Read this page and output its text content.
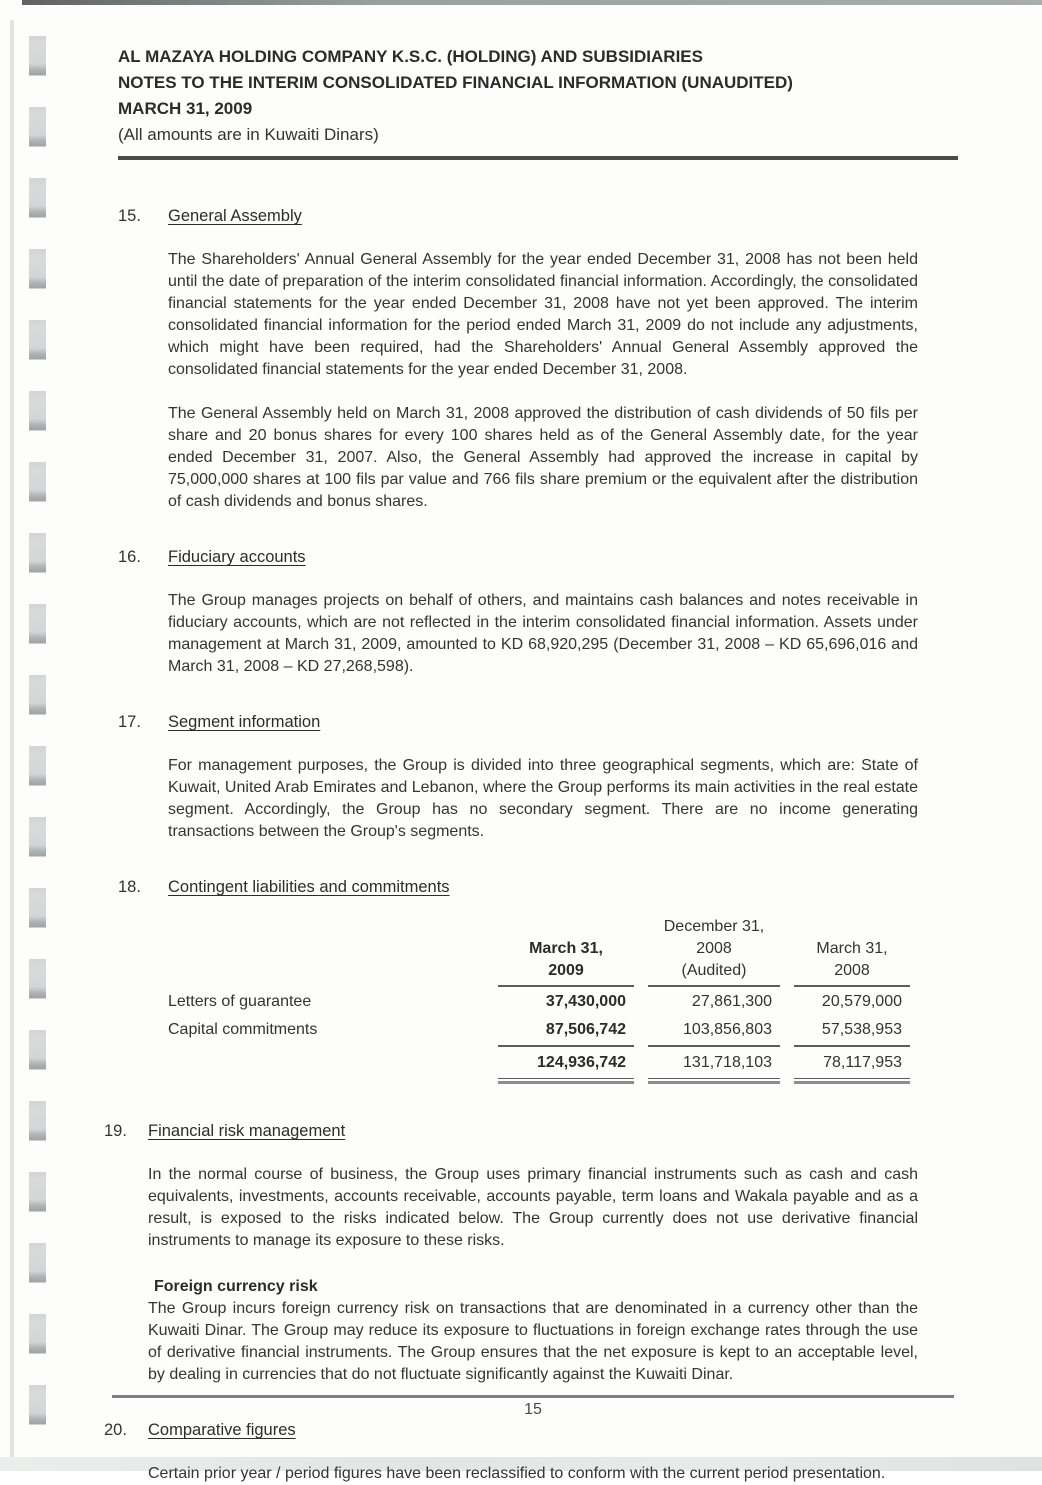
AL MAZAYA HOLDING COMPANY K.S.C. (HOLDING) AND SUBSIDIARIES
NOTES TO THE INTERIM CONSOLIDATED FINANCIAL INFORMATION (UNAUDITED)
MARCH 31, 2009
(All amounts are in Kuwaiti Dinars)
15. General Assembly

The Shareholders' Annual General Assembly for the year ended December 31, 2008 has not been held until the date of preparation of the interim consolidated financial information. Accordingly, the consolidated financial statements for the year ended December 31, 2008 have not yet been approved. The interim consolidated financial information for the period ended March 31, 2009 do not include any adjustments, which might have been required, had the Shareholders' Annual General Assembly approved the consolidated financial statements for the year ended December 31, 2008.

The General Assembly held on March 31, 2008 approved the distribution of cash dividends of 50 fils per share and 20 bonus shares for every 100 shares held as of the General Assembly date, for the year ended December 31, 2007. Also, the General Assembly had approved the increase in capital by 75,000,000 shares at 100 fils par value and 766 fils share premium or the equivalent after the distribution of cash dividends and bonus shares.

16. Fiduciary accounts

The Group manages projects on behalf of others, and maintains cash balances and notes receivable in fiduciary accounts, which are not reflected in the interim consolidated financial information. Assets under management at March 31, 2009, amounted to KD 68,920,295 (December 31, 2008 – KD 65,696,016 and March 31, 2008 – KD 27,268,598).

17. Segment information

For management purposes, the Group is divided into three geographical segments, which are: State of Kuwait, United Arab Emirates and Lebanon, where the Group performs its main activities in the real estate segment. Accordingly, the Group has no secondary segment. There are no income generating transactions between the Group's segments.

18. Contingent liabilities and commitments
March 31,
2009
December 31,
2008
(Audited)
March 31,
2008
Letters of guarantee	37,430,000	27,861,300	20,579,000
Capital commitments	87,506,742	103,856,803	57,538,953
124,936,742	131,718,103	78,117,953
19. Financial risk management

In the normal course of business, the Group uses primary financial instruments such as cash and cash equivalents, investments, accounts receivable, accounts payable, term loans and Wakala payable and as a result, is exposed to the risks indicated below. The Group currently does not use derivative financial instruments to manage its exposure to these risks.

Foreign currency risk

The Group incurs foreign currency risk on transactions that are denominated in a currency other than the Kuwaiti Dinar. The Group may reduce its exposure to fluctuations in foreign exchange rates through the use of derivative financial instruments. The Group ensures that the net exposure is kept to an acceptable level, by dealing in currencies that do not fluctuate significantly against the Kuwaiti Dinar.

20. Comparative figures

Certain prior year / period figures have been reclassified to conform with the current period presentation.

15
